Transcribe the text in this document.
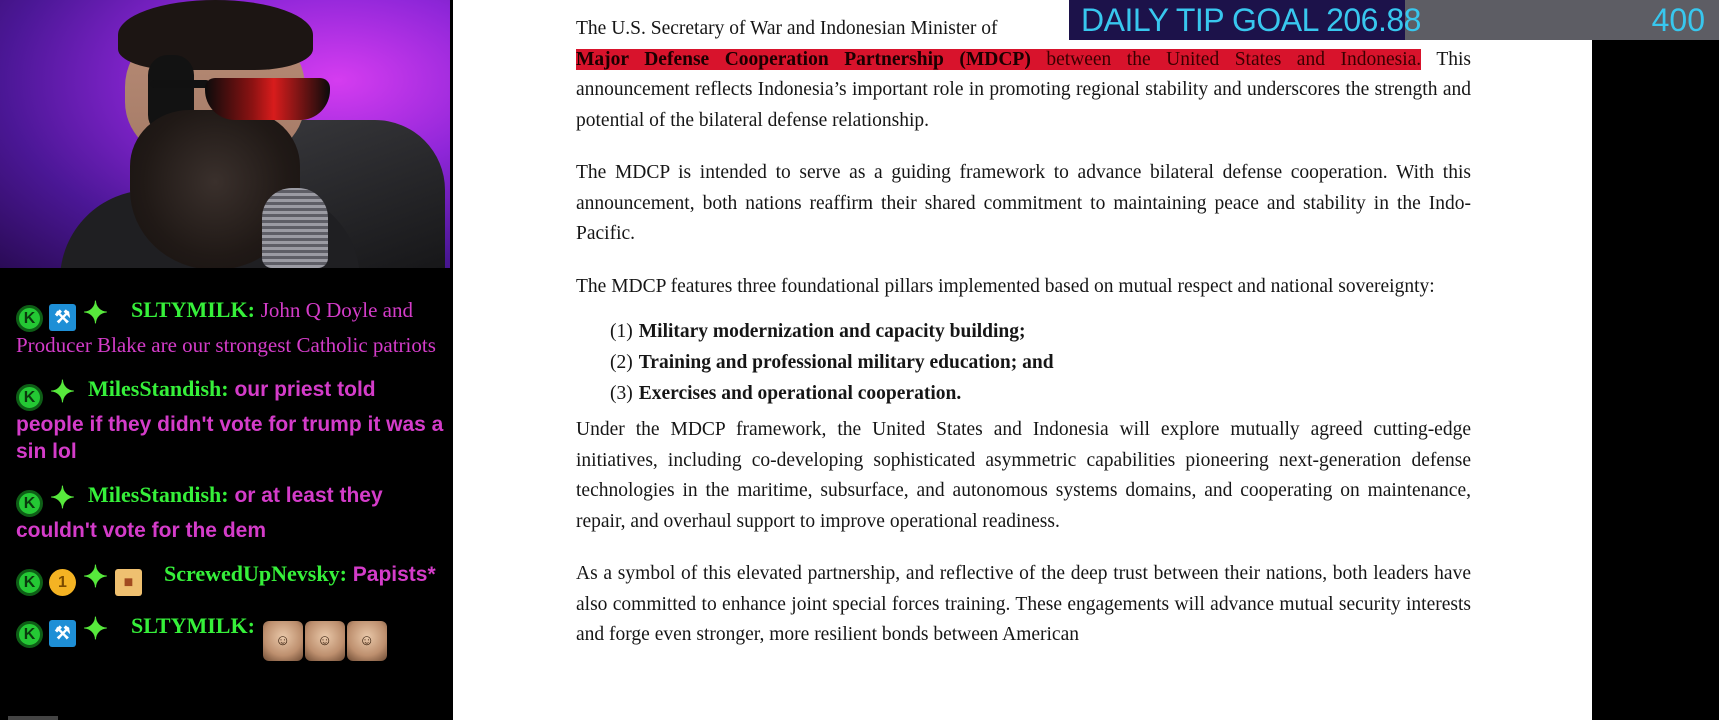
K ⚒ ✦ SLTYMILK: John Q Doyle and Producer Blake are our strongest Catholic patriots
K ✦ MilesStandish: our priest told people if they didn't vote for trump it was a sin lol
K ✦ MilesStandish: or at least they couldn't vote for the dem
K 1 ✦ ■ ScrewedUpNevsky: Papists*
K ⚒ ✦ SLTYMILK: ☺ ☺ ☺

The U.S. Secretary of War and Indonesian Minister of
Major Defense Cooperation Partnership (MDCP) between the United States and Indonesia. This announcement reflects Indonesia’s important role in promoting regional stability and underscores the strength and potential of the bilateral defense relationship.

The MDCP is intended to serve as a guiding framework to advance bilateral defense cooperation. With this announcement, both nations reaffirm their shared commitment to maintaining peace and stability in the Indo-Pacific.

The MDCP features three foundational pillars implemented based on mutual respect and national sovereignty:

(1) Military modernization and capacity building;
(2) Training and professional military education; and
(3) Exercises and operational cooperation.

Under the MDCP framework, the United States and Indonesia will explore mutually agreed cutting-edge initiatives, including co-developing sophisticated asymmetric capabilities pioneering next-generation defense technologies in the maritime, subsurface, and autonomous systems domains, and cooperating on maintenance, repair, and overhaul support to improve operational readiness.

As a symbol of this elevated partnership, and reflective of the deep trust between their nations, both leaders have also committed to enhance joint special forces training. These engagements will advance mutual security interests and forge even stronger, more resilient bonds between American

400
DAILY TIP GOAL 206.88
